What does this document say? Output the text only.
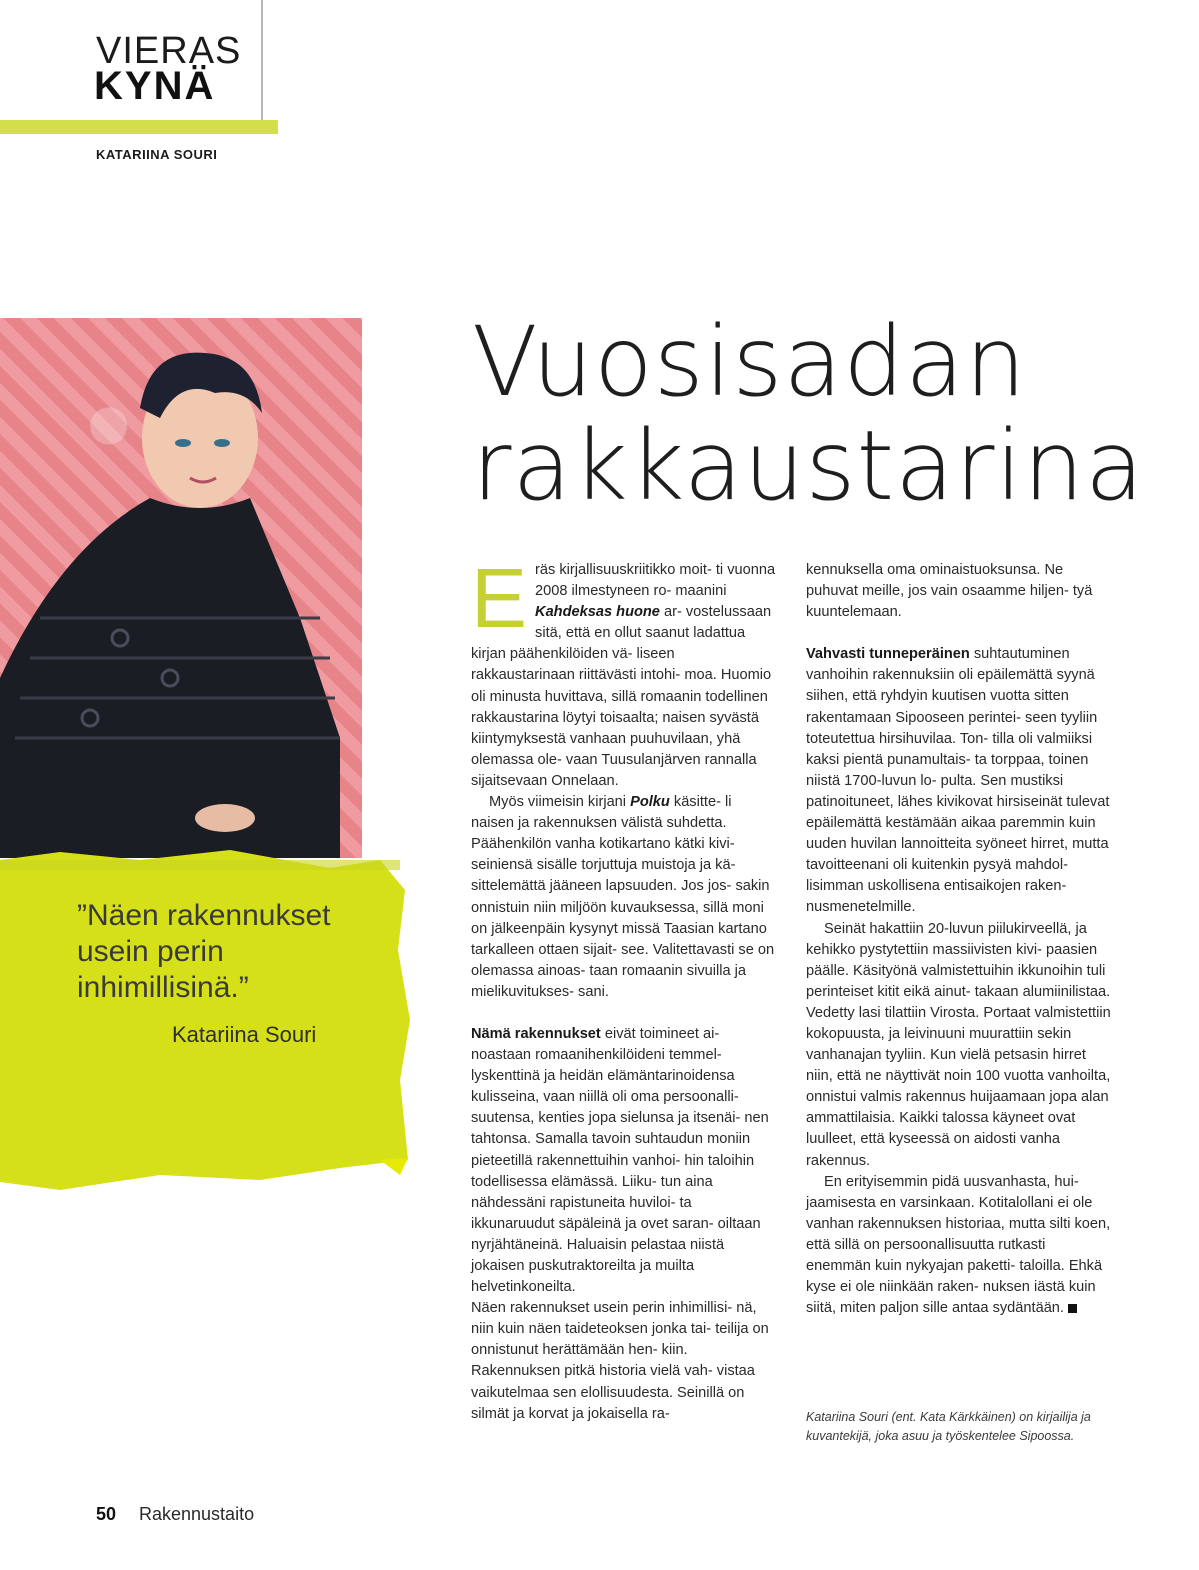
VIERAS
KYNÄ
KATARIINA SOURI
”Näen rakennukset usein perin inhimillisinä.”
Katariina Souri
Vuosisadan
rakkaustarina

Eräs kirjallisuuskriitikko moit- ti vuonna 2008 ilmestyneen ro- maanini Kahdeksas huone ar- vostelussaan sitä, että en ollut saanut ladattua kirjan päähenkilöiden vä- liseen rakkaustarinaan riittävästi intohi- moa. Huomio oli minusta huvittava, sillä romaanin todellinen rakkaustarina löytyi toisaalta; naisen syvästä kiintymyksestä vanhaan puuhuvilaan, yhä olemassa ole- vaan Tuusulanjärven rannalla sijaitsevaan Onnelaan.

Myös viimeisin kirjani Polku käsitte- li naisen ja rakennuksen välistä suhdetta. Päähenkilön vanha kotikartano kätki kivi- seiniensä sisälle torjuttuja muistoja ja kä- sittelemättä jääneen lapsuuden. Jos jos- sakin onnistuin niin miljöön kuvauksessa, sillä moni on jälkeenpäin kysynyt missä Taasian kartano tarkalleen ottaen sijait- see. Valitettavasti se on olemassa ainoas- taan romaanin sivuilla ja mielikuvitukses- sani.

Nämä rakennukset eivät toimineet ai- noastaan romaanihenkilöideni temmel- lyskenttinä ja heidän elämäntarinoidensa kulisseina, vaan niillä oli oma persoonalli- suutensa, kenties jopa sielunsa ja itsenäi- nen tahtonsa. Samalla tavoin suhtaudun moniin pieteetillä rakennettuihin vanhoi- hin taloihin todellisessa elämässä. Liiku- tun aina nähdessäni rapistuneita huviloi- ta ikkunaruudut säpäleinä ja ovet saran- oiltaan nyrjähtäneinä. Haluaisin pelastaa niistä jokaisen puskutraktoreilta ja muilta helvetinkoneilta.

Näen rakennukset usein perin inhimillisi- nä, niin kuin näen taideteoksen jonka tai- teilija on onnistunut herättämään hen- kiin. Rakennuksen pitkä historia vielä vah- vistaa vaikutelmaa sen elollisuudesta. Seinillä on silmät ja korvat ja jokaisella ra-

kennuksella oma ominaistuoksunsa. Ne puhuvat meille, jos vain osaamme hiljen- tyä kuuntelemaan.

Vahvasti tunneperäinen suhtautuminen vanhoihin rakennuksiin oli epäilemättä syynä siihen, että ryhdyin kuutisen vuotta sitten rakentamaan Sipooseen perintei- seen tyyliin toteutettua hirsihuvilaa. Ton- tilla oli valmiiksi kaksi pientä punamultais- ta torppaa, toinen niistä 1700-luvun lo- pulta. Sen mustiksi patinoituneet, lähes kivikovat hirsiseinät tulevat epäilemättä kestämään aikaa paremmin kuin uuden huvilan lannoitteita syöneet hirret, mutta tavoitteenani oli kuitenkin pysyä mahdol- lisimman uskollisena entisaikojen raken- nusmenetelmille.

Seinät hakattiin 20-luvun piilukirveellä, ja kehikko pystytettiin massiivisten kivi- paasien päälle. Käsityönä valmistettuihin ikkunoihin tuli perinteiset kitit eikä ainut- takaan alumiinilistaa. Vedetty lasi tilattiin Virosta. Portaat valmistettiin kokopuusta, ja leivinuuni muurattiin sekin vanhanajan tyyliin. Kun vielä petsasin hirret niin, että ne näyttivät noin 100 vuotta vanhoilta, onnistui valmis rakennus huijaamaan jopa alan ammattilaisia. Kaikki talossa käyneet ovat luulleet, että kyseessä on aidosti vanha rakennus.

En erityisemmin pidä uusvanhasta, hui- jaamisesta en varsinkaan. Kotitalollani ei ole vanhan rakennuksen historiaa, mutta silti koen, että sillä on persoonallisuutta rutkasti enemmän kuin nykyajan paketti- taloilla. Ehkä kyse ei ole niinkään raken- nuksen iästä kuin siitä, miten paljon sille antaa sydäntään.

Katariina Souri (ent. Kata Kärkkäinen) on kirjailija ja kuvantekijä, joka asuu ja työskentelee Sipoossa.
50 Rakennustaito
